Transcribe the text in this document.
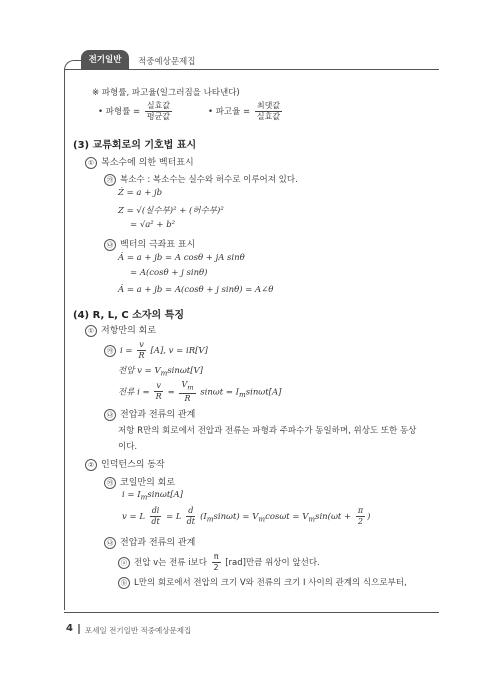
전기일반	적중예상문제집
※ 파형률, 파고율(일그러짐을 나타낸다)
• 파형률 = $\frac{\text{실효값}}{\text{평균값}}$	• 파고율 = $\frac{\text{최댓값}}{\text{실효값}}$
(3) 교류회로의 기호법 표시
① 복소수에 의한 벡터표시
㉮ 복소수 : 복소수는 실수와 허수로 이루어져 있다.
Ż = a + jb
Z = √(실수부)² + (허수부)²
= √a² + b²
㉯ 벡터의 극좌표 표시
Ȧ = a + jb = A cosθ + jA sinθ
= A(cosθ + j sinθ)
Ȧ = a + jb = A(cosθ + j sinθ) = A∠θ
(4) R, L, C 소자의 특징
① 저항만의 회로
㉮ $i = \frac{v}{R} [A]$, v = iR[V]
전압 $v = V_m\sin\omega t[V]$
전류 $i = \frac{v}{R} = \frac{V_m}{R}$ $\sin\omega t = I_m\sin\omega t[A]$
㉯ 전압과 전류의 관계
저항 R만의 회로에서 전압과 전류는 파형과 주파수가 동일하며, 위상도 또한 동상
이다.
② 인덕턴스의 동작
㉮ 코일만의 회로
$i = I_m\sin\omega t[A]$
v = L $\frac{di}{dt} = L \frac{d}{dt} (I_m\sin\omega t) = V_m\cos\omega t = V_m\sin(\omega t + \frac{\pi}{2}$ )
㉯ 전압과 전류의 관계
ⓐ 전압 v는 전류 i보다 $\frac{\pi}{2} [rad]$만큼 위상이 앞선다.
ⓑ L만의 회로에서 전압의 크기 V와 전류의 크기 I 사이의 관계의 식으로부터,
4 포세일 전기일반 적중예상문제집
